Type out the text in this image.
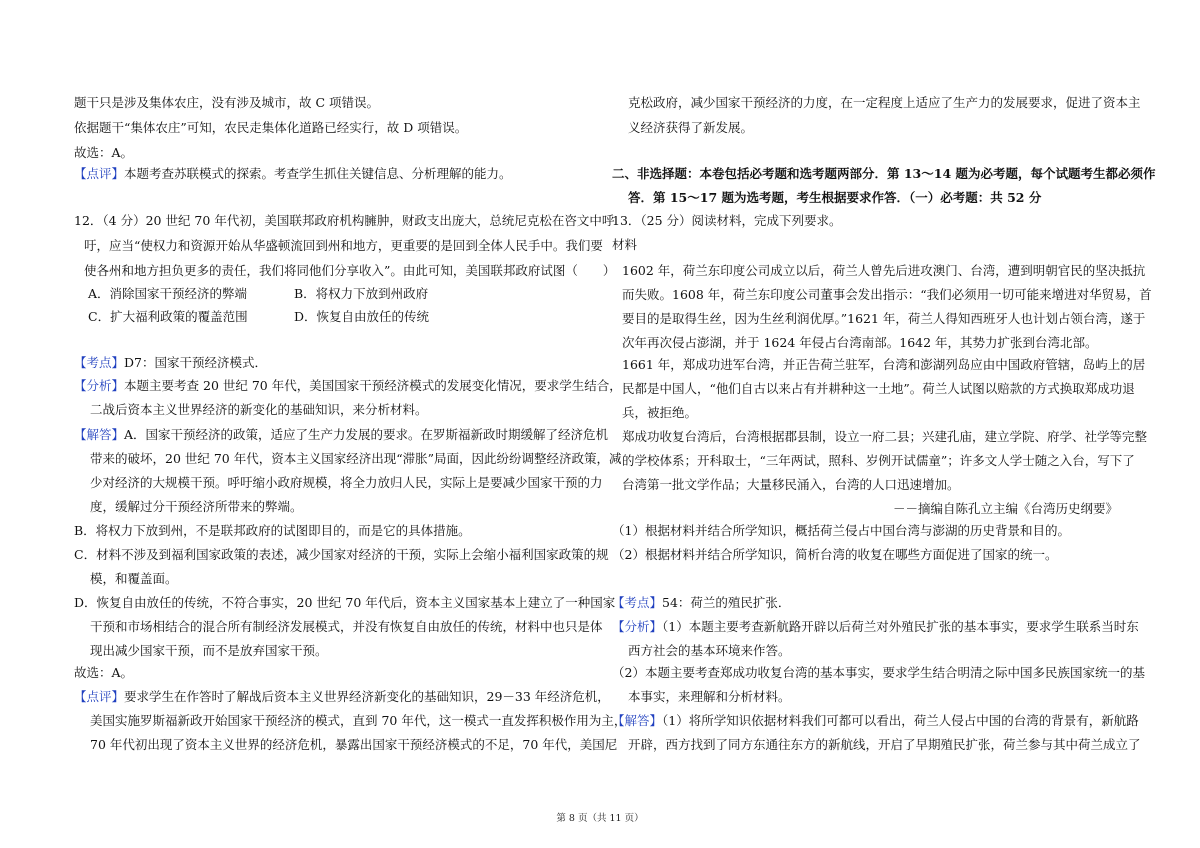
题干只是涉及集体农庄，没有涉及城市，故 C 项错误。
依据题干“集体农庄”可知，农民走集体化道路已经实行，故 D 项错误。
故选：A。
【点评】本题考查苏联模式的探索。考查学生抓住关键信息、分析理解的能力。
12．（4 分）20 世纪 70 年代初，美国联邦政府机构臃肿，财政支出庞大，总统尼克松在咨文中呼
吁，应当“使权力和资源开始从华盛顿流回到州和地方，更重要的是回到全体人民手中。我们要
使各州和地方担负更多的责任，我们将同他们分享收入”。由此可知，美国联邦政府试图（　　）
A．消除国家干预经济的弊端	B．将权力下放到州政府
C．扩大福利政策的覆盖范围	D．恢复自由放任的传统
【考点】D7：国家干预经济模式．
【分析】本题主要考查 20 世纪 70 年代，美国国家干预经济模式的发展变化情况，要求学生结合，
二战后资本主义世界经济的新变化的基础知识，来分析材料。
【解答】A．国家干预经济的政策，适应了生产力发展的要求。在罗斯福新政时期缓解了经济危机
带来的破坏，20 世纪 70 年代，资本主义国家经济出现“滞胀”局面，因此纷纷调整经济政策，减
少对经济的大规模干预。呼吁缩小政府规模，将全力放归人民，实际上是要减少国家干预的力
度，缓解过分干预经济所带来的弊端。
B．将权力下放到州，不是联邦政府的试图即目的，而是它的具体措施。
C．材料不涉及到福利国家政策的表述，减少国家对经济的干预，实际上会缩小福利国家政策的规
模，和覆盖面。
D．恢复自由放任的传统，不符合事实，20 世纪 70 年代后，资本主义国家基本上建立了一种国家
干预和市场相结合的混合所有制经济发展模式，并没有恢复自由放任的传统，材料中也只是体
现出减少国家干预，而不是放弃国家干预。
故选：A。
【点评】要求学生在作答时了解战后资本主义世界经济新变化的基础知识，29－33 年经济危机，
美国实施罗斯福新政开始国家干预经济的模式，直到 70 年代，这一模式一直发挥积极作用为主，
70 年代初出现了资本主义世界的经济危机，暴露出国家干预经济模式的不足，70 年代，美国尼
克松政府，减少国家干预经济的力度，在一定程度上适应了生产力的发展要求，促进了资本主
义经济获得了新发展。
二、非选择题：本卷包括必考题和选考题两部分．第 13～14 题为必考题，每个试题考生都必须作
答．第 15～17 题为选考题，考生根据要求作答．（一）必考题：共 52 分
13．（25 分）阅读材料，完成下列要求。
材料
1602 年，荷兰东印度公司成立以后，荷兰人曾先后进攻澳门、台湾，遭到明朝官民的坚决抵抗
而失败。1608 年，荷兰东印度公司董事会发出指示：“我们必须用一切可能来增进对华贸易，首
要目的是取得生丝，因为生丝利润优厚。”1621 年，荷兰人得知西班牙人也计划占领台湾，遂于
次年再次侵占澎湖，并于 1624 年侵占台湾南部。1642 年，其势力扩张到台湾北部。
1661 年，郑成功进军台湾，并正告荷兰驻军，台湾和澎湖列岛应由中国政府管辖，岛屿上的居
民都是中国人，“他们自古以来占有并耕种这一土地”。荷兰人试图以赔款的方式换取郑成功退
兵，被拒绝。
郑成功收复台湾后，台湾根据郡县制，设立一府二县；兴建孔庙，建立学院、府学、社学等完整
的学校体系；开科取士，“三年两试，照科、岁例开试儒童”；许多文人学士随之入台，写下了
台湾第一批文学作品；大量移民涌入，台湾的人口迅速增加。
－－摘编自陈孔立主编《台湾历史纲要》
（1）根据材料并结合所学知识，概括荷兰侵占中国台湾与澎湖的历史背景和目的。
（2）根据材料并结合所学知识，简析台湾的收复在哪些方面促进了国家的统一。
【考点】54：荷兰的殖民扩张．
【分析】（1）本题主要考查新航路开辟以后荷兰对外殖民扩张的基本事实，要求学生联系当时东
西方社会的基本环境来作答。
（2）本题主要考查郑成功收复台湾的基本事实，要求学生结合明清之际中国多民族国家统一的基
本事实，来理解和分析材料。
【解答】（1）将所学知识依据材料我们可都可以看出，荷兰人侵占中国的台湾的背景有，新航路
开辟，西方找到了同方东通往东方的新航线，开启了早期殖民扩张，荷兰参与其中荷兰成立了
第 8 页（共 11 页）
